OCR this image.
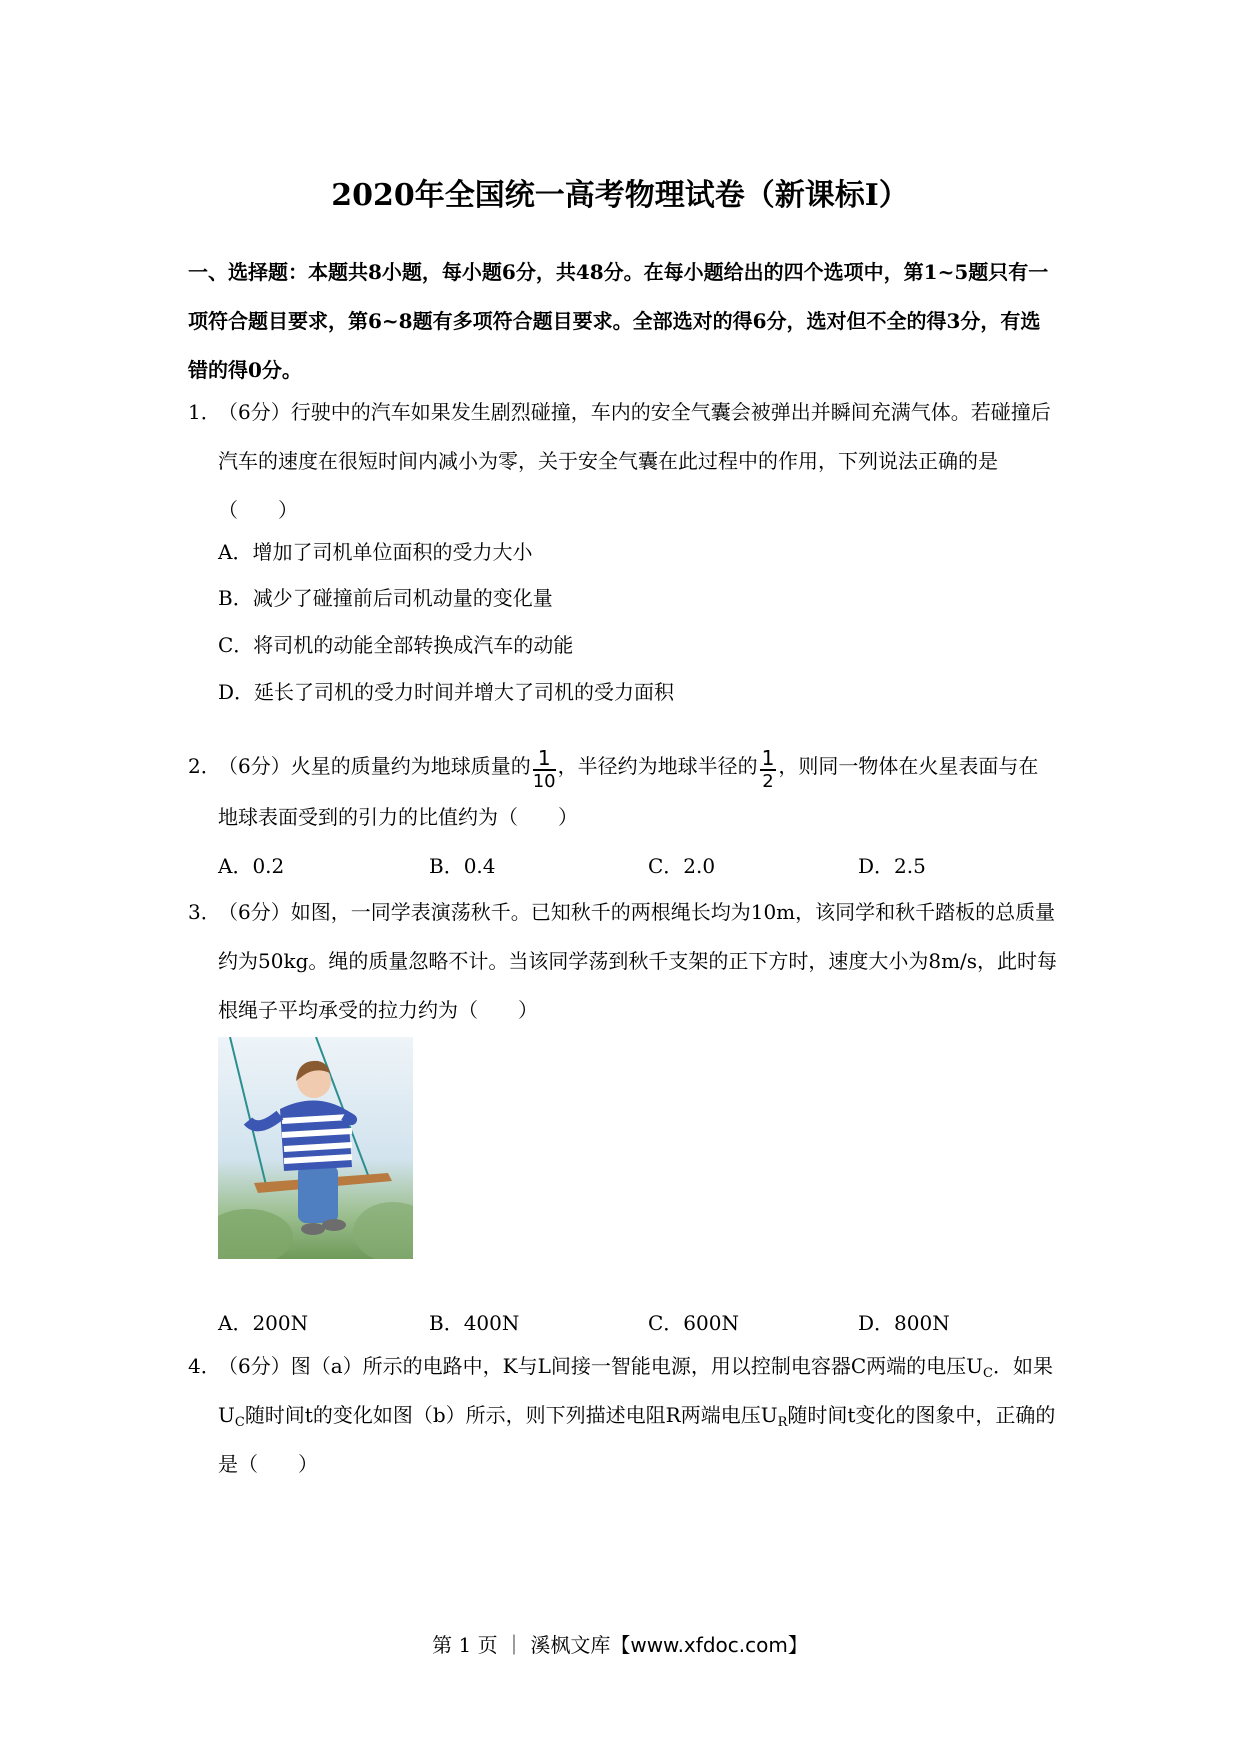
2020年全国统一高考物理试卷（新课标Ⅰ）
一、选择题：本题共8小题，每小题6分，共48分。在每小题给出的四个选项中，第1~5题只有一项符合题目要求，第6~8题有多项符合题目要求。全部选对的得6分，选对但不全的得3分，有选错的得0分。
1．
（6分）行驶中的汽车如果发生剧烈碰撞，车内的安全气囊会被弹出并瞬间充满气体。若碰撞后汽车的速度在很短时间内减小为零，关于安全气囊在此过程中的作用，下列说法正确的是（　　）
A．增加了司机单位面积的受力大小
B．减少了碰撞前后司机动量的变化量
C．将司机的动能全部转换成汽车的动能
D．延长了司机的受力时间并增大了司机的受力面积
2．
（6分）火星的质量约为地球质量的 $\frac{1}{10}$ ，半径约为地球半径的 $\frac{1}{2}$ ，则同一物体在火星表面与在地球表面受到的引力的比值约为（　　）
A．0.2	B．0.4	C．2.0	D．2.5
3．
（6分）如图，一同学表演荡秋千。已知秋千的两根绳长均为10m，该同学和秋千踏板的总质量约为50kg。绳的质量忽略不计。当该同学荡到秋千支架的正下方时，速度大小为8m/s，此时每根绳子平均承受的拉力约为（　　）
A．200N	B．400N	C．600N	D．800N
4．
（6分）图（a）所示的电路中，K与L间接一智能电源，用以控制电容器C两端的电压$U_C$．如果$U_C$随时间t的变化如图（b）所示，则下列描述电阻R两端电压$U_R$随时间t变化的图象中，正确的是（　　）
第 1 页 ｜ 溪枫文库【www.xfdoc.com】
